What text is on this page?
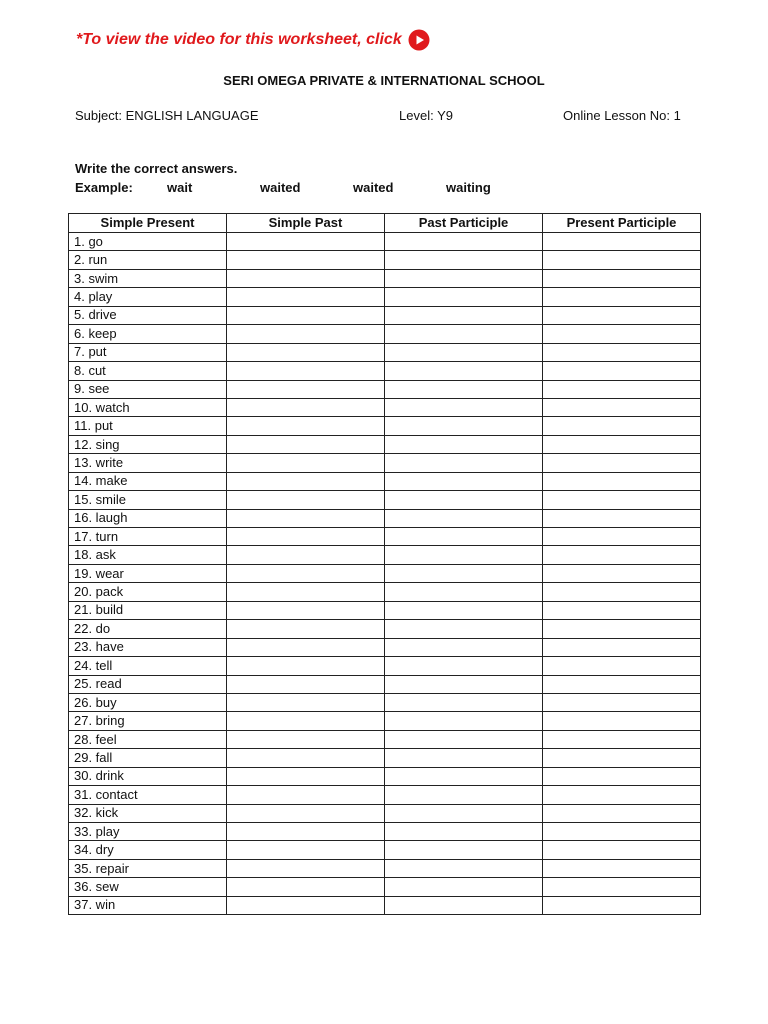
*To view the video for this worksheet, click
SERI OMEGA PRIVATE & INTERNATIONAL SCHOOL
Subject: ENGLISH LANGUAGE	Level: Y9	Online Lesson No: 1
Write the correct answers.
Example:	wait	waited	waited	waiting
Simple Present	Simple Past	Past Participle	Present Participle
1. go			
2. run			
3. swim			
4. play			
5. drive			
6. keep			
7. put			
8. cut			
9. see			
10. watch			
11. put			
12. sing			
13. write			
14. make			
15. smile			
16. laugh			
17. turn			
18. ask			
19. wear			
20. pack			
21. build			
22. do			
23. have			
24. tell			
25. read			
26. buy			
27. bring			
28. feel			
29. fall			
30. drink			
31. contact			
32. kick			
33. play			
34. dry			
35. repair			
36. sew			
37. win			
